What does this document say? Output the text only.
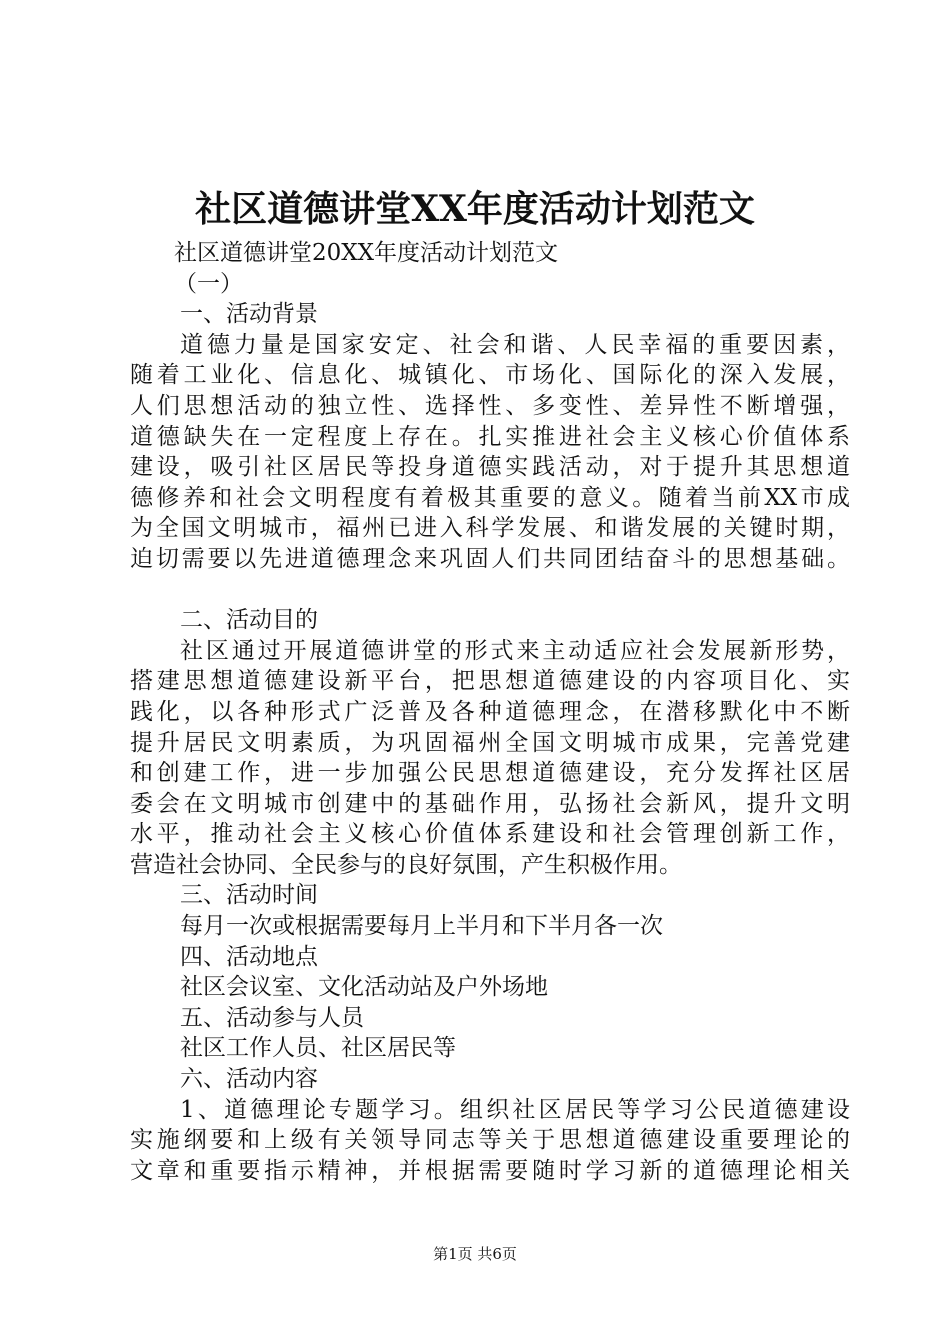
社区道德讲堂XX年度活动计划范文
社区道德讲堂20XX年度活动计划范文
（一）
一、活动背景
道德力量是国家安定、社会和谐、人民幸福的重要因素，
随着工业化、信息化、城镇化、市场化、国际化的深入发展，
人们思想活动的独立性、选择性、多变性、差异性不断增强，
道德缺失在一定程度上存在。扎实推进社会主义核心价值体系
建设，吸引社区居民等投身道德实践活动，对于提升其思想道
德修养和社会文明程度有着极其重要的意义。随着当前XX市成
为全国文明城市，福州已进入科学发展、和谐发展的关键时期，
迫切需要以先进道德理念来巩固人们共同团结奋斗的思想基础。
二、活动目的
社区通过开展道德讲堂的形式来主动适应社会发展新形势，
搭建思想道德建设新平台，把思想道德建设的内容项目化、实
践化，以各种形式广泛普及各种道德理念，在潜移默化中不断
提升居民文明素质，为巩固福州全国文明城市成果，完善党建
和创建工作，进一步加强公民思想道德建设，充分发挥社区居
委会在文明城市创建中的基础作用，弘扬社会新风，提升文明
水平，推动社会主义核心价值体系建设和社会管理创新工作，
营造社会协同、全民参与的良好氛围，产生积极作用。
三、活动时间
每月一次或根据需要每月上半月和下半月各一次
四、活动地点
社区会议室、文化活动站及户外场地
五、活动参与人员
社区工作人员、社区居民等
六、活动内容
1、道德理论专题学习。组织社区居民等学习公民道德建设
实施纲要和上级有关领导同志等关于思想道德建设重要理论的
文章和重要指示精神，并根据需要随时学习新的道德理论相关
第1页 共6页
